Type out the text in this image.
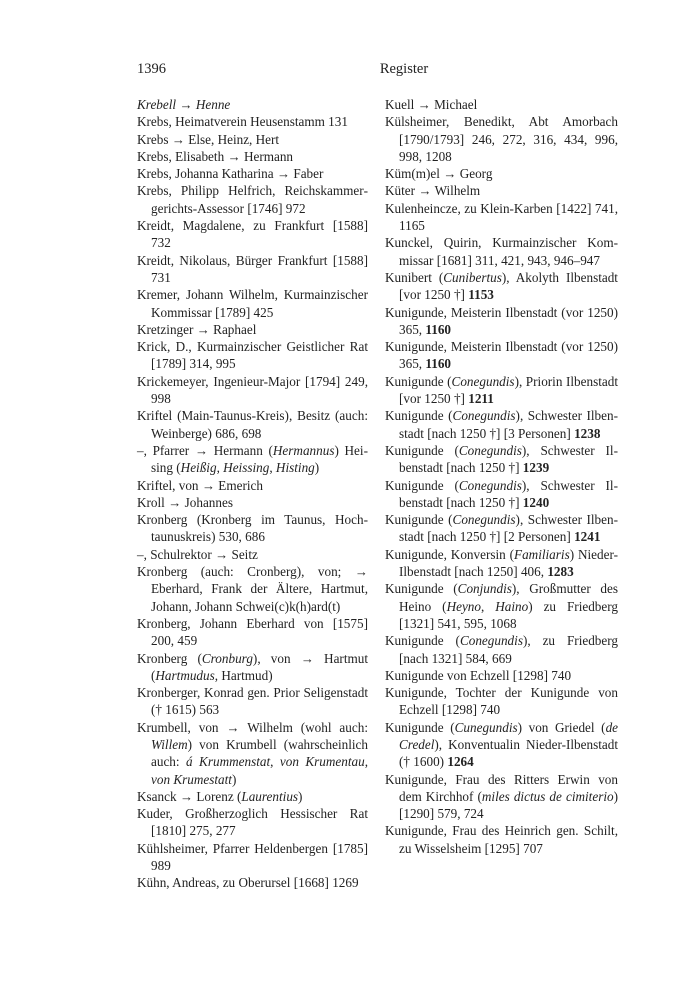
1396	Register
Krebell → Henne
Krebs, Heimatverein Heusenstamm 131
Krebs → Else, Heinz, Hert
Krebs, Elisabeth → Hermann
Krebs, Johanna Katharina → Faber
Krebs, Philipp Helfrich, Reichskammergerichts-Assessor [1746] 972
Kreidt, Magdalene, zu Frankfurt [1588] 732
Kreidt, Nikolaus, Bürger Frankfurt [1588] 731
Kremer, Johann Wilhelm, Kurmainzischer Kommissar [1789] 425
Kretzinger → Raphael
Krick, D., Kurmainzischer Geistlicher Rat [1789] 314, 995
Krickemeyer, Ingenieur-Major [1794] 249, 998
Kriftel (Main-Taunus-Kreis), Besitz (auch: Weinberge) 686, 698
–, Pfarrer → Hermann (Hermannus) Heising (Heißig, Heissing, Histing)
Kriftel, von → Emerich
Kroll → Johannes
Kronberg (Kronberg im Taunus, Hochtaunuskreis) 530, 686
–, Schulrektor → Seitz
Kronberg (auch: Cronberg), von; → Eberhard, Frank der Ältere, Hartmut, Johann, Johann Schwei(c)k(h)ard(t)
Kronberg, Johann Eberhard von [1575] 200, 459
Kronberg (Cronburg), von → Hartmut (Hartmudus, Hartmud)
Kronberger, Konrad gen. Prior Seligenstadt († 1615) 563
Krumbell, von → Wilhelm (wohl auch: Willem) von Krumbell (wahrscheinlich auch: á Krummenstat, von Krumentau, von Krumestatt)
Ksanck → Lorenz (Laurentius)
Kuder, Großherzoglich Hessischer Rat [1810] 275, 277
Kühlsheimer, Pfarrer Heldenbergen [1785] 989
Kühn, Andreas, zu Oberursel [1668] 1269
Kuell → Michael
Külsheimer, Benedikt, Abt Amorbach [1790/1793] 246, 272, 316, 434, 996, 998, 1208
Küm(m)el → Georg
Küter → Wilhelm
Kulenheincze, zu Klein-Karben [1422] 741, 1165
Kunckel, Quirin, Kurmainzischer Kommissar [1681] 311, 421, 943, 946–947
Kunibert (Cunibertus), Akolyth Ilbenstadt [vor 1250 †] 1153
Kunigunde, Meisterin Ilbenstadt (vor 1250) 365, 1160
Kunigunde, Meisterin Ilbenstadt (vor 1250) 365, 1160
Kunigunde (Conegundis), Priorin Ilbenstadt [vor 1250 †] 1211
Kunigunde (Conegundis), Schwester Ilbenstadt [nach 1250 †] [3 Personen] 1238
Kunigunde (Conegundis), Schwester Ilbenstadt [nach 1250 †] 1239
Kunigunde (Conegundis), Schwester Ilbenstadt [nach 1250 †] 1240
Kunigunde (Conegundis), Schwester Ilbenstadt [nach 1250 †] [2 Personen] 1241
Kunigunde, Konversin (Familiaris) Nieder-Ilbenstadt [nach 1250] 406, 1283
Kunigunde (Conjundis), Großmutter des Heino (Heyno, Haino) zu Friedberg [1321] 541, 595, 1068
Kunigunde (Conegundis), zu Friedberg [nach 1321] 584, 669
Kunigunde von Echzell [1298] 740
Kunigunde, Tochter der Kunigunde von Echzell [1298] 740
Kunigunde (Cunegundis) von Griedel (de Credel), Konventualin Nieder-Ilbenstadt († 1600) 1264
Kunigunde, Frau des Ritters Erwin von dem Kirchhof (miles dictus de cimiterio) [1290] 579, 724
Kunigunde, Frau des Heinrich gen. Schilt, zu Wisselsheim [1295] 707
